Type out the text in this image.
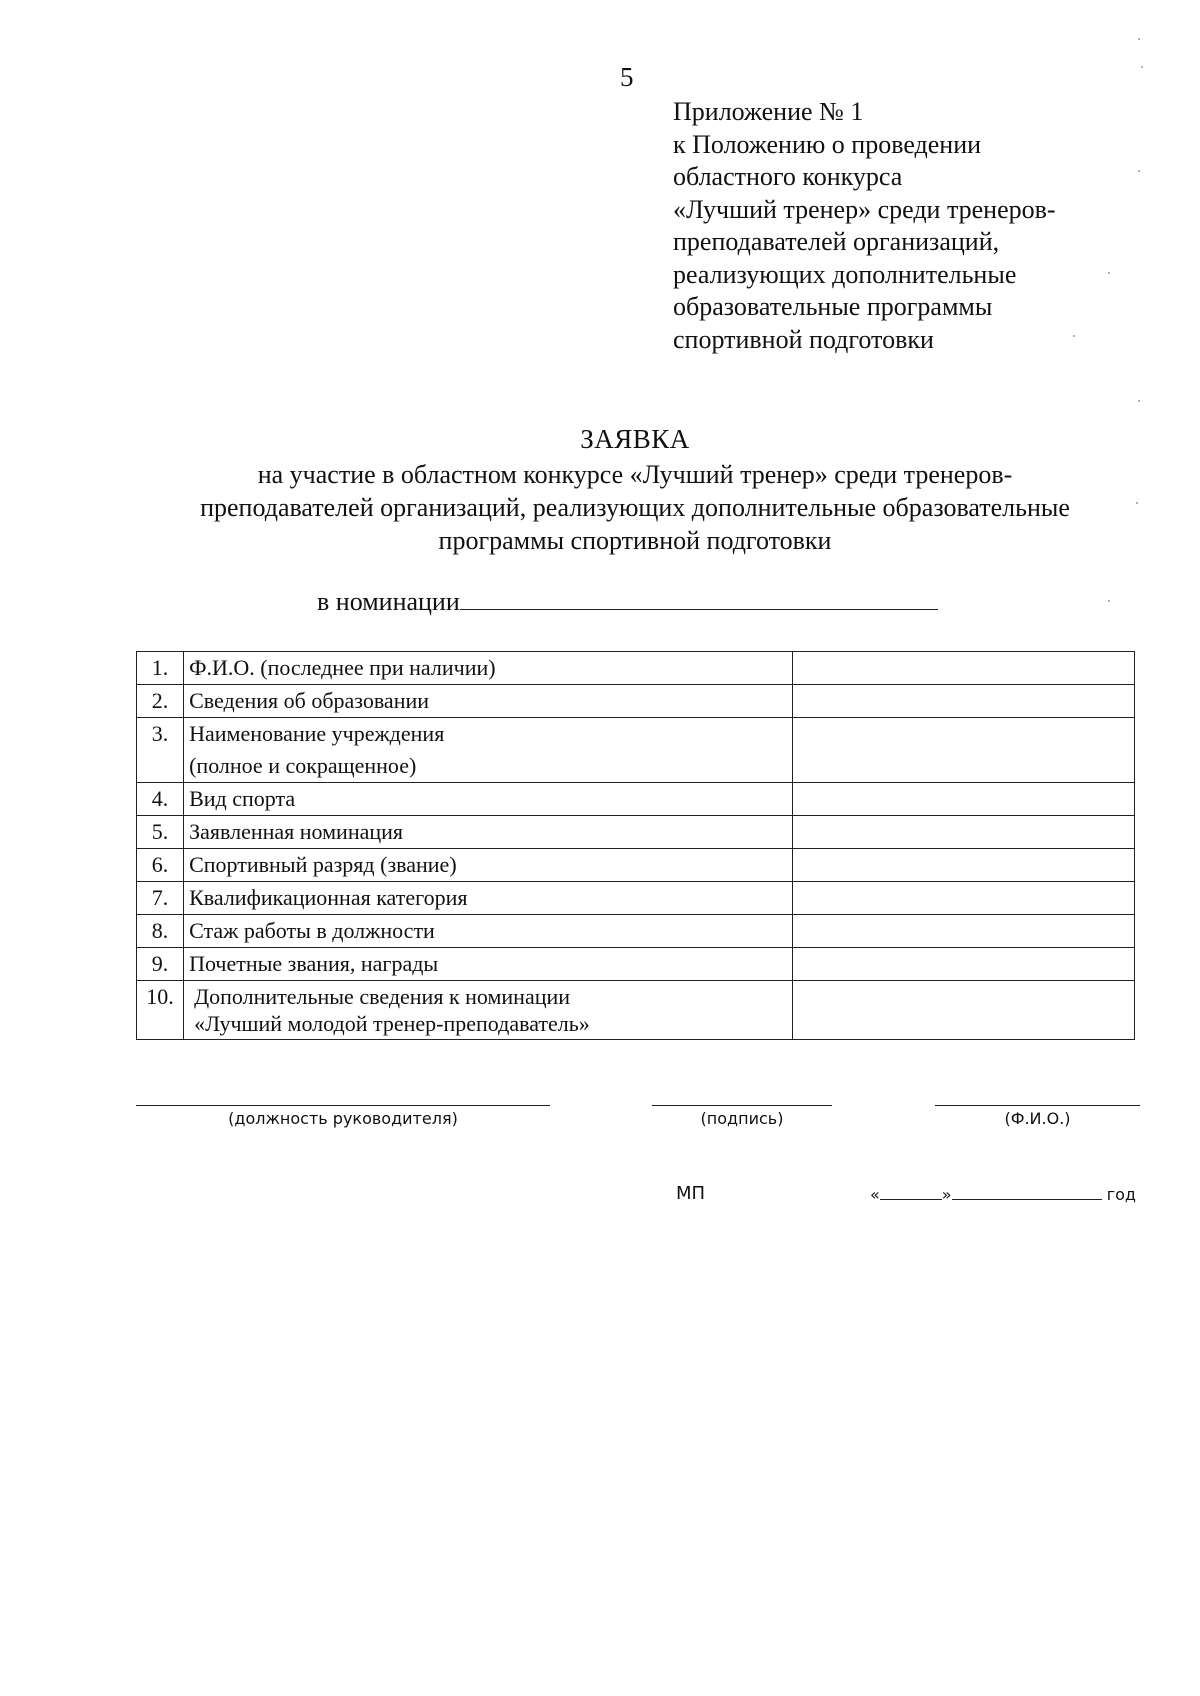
5
Приложение № 1
к Положению о проведении
областного конкурса
«Лучший тренер» среди тренеров-
преподавателей организаций,
реализующих дополнительные
образовательные программы
спортивной подготовки
ЗАЯВКА
на участие в областном конкурсе «Лучший тренер» среди тренеров-
преподавателей организаций, реализующих дополнительные образовательные
программы спортивной подготовки
в номинации
1.	Ф.И.О. (последнее при наличии)	

2.	Сведения об образовании	

3.	Наименование учреждения
(полное и сокращенное)	

4.	Вид спорта	

5.	Заявленная номинация	

6.	Спортивный разряд (звание)	

7.	Квалификационная категория	

8.	Стаж работы в должности	

9.	Почетные звания, награды	

10.	Дополнительные сведения к номинации
«Лучший молодой тренер-преподаватель»	

(должность руководителя)	(подпись)	(Ф.И.О.)
МП	«	»	год
